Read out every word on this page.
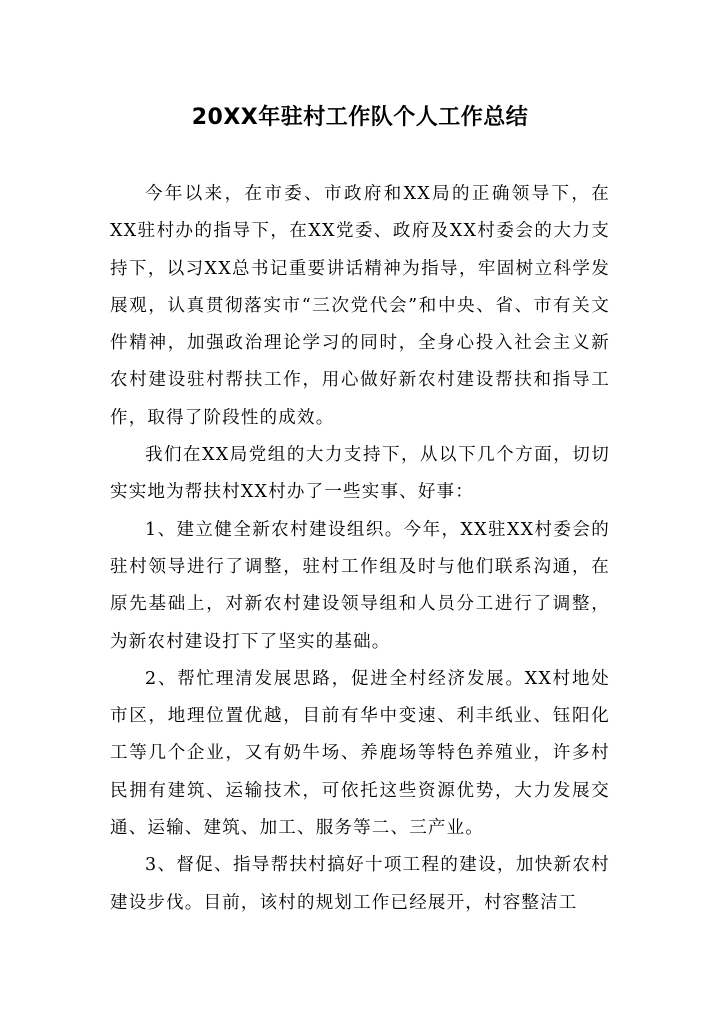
20XX年驻村工作队个人工作总结

今年以来，在市委、市政府和XX局的正确领导下，在XX驻村办的指导下，在XX党委、政府及XX村委会的大力支持下，以习XX总书记重要讲话精神为指导，牢固树立科学发展观，认真贯彻落实市“三次党代会”和中央、省、市有关文件精神，加强政治理论学习的同时，全身心投入社会主义新农村建设驻村帮扶工作，用心做好新农村建设帮扶和指导工作，取得了阶段性的成效。

我们在XX局党组的大力支持下，从以下几个方面，切切实实地为帮扶村XX村办了一些实事、好事：

1、建立健全新农村建设组织。今年，XX驻XX村委会的驻村领导进行了调整，驻村工作组及时与他们联系沟通，在原先基础上，对新农村建设领导组和人员分工进行了调整，为新农村建设打下了坚实的基础。

2、帮忙理清发展思路，促进全村经济发展。XX村地处市区，地理位置优越，目前有华中变速、利丰纸业、钰阳化工等几个企业，又有奶牛场、养鹿场等特色养殖业，许多村民拥有建筑、运输技术，可依托这些资源优势，大力发展交通、运输、建筑、加工、服务等二、三产业。

3、督促、指导帮扶村搞好十项工程的建设，加快新农村建设步伐。目前，该村的规划工作已经展开，村容整洁工
